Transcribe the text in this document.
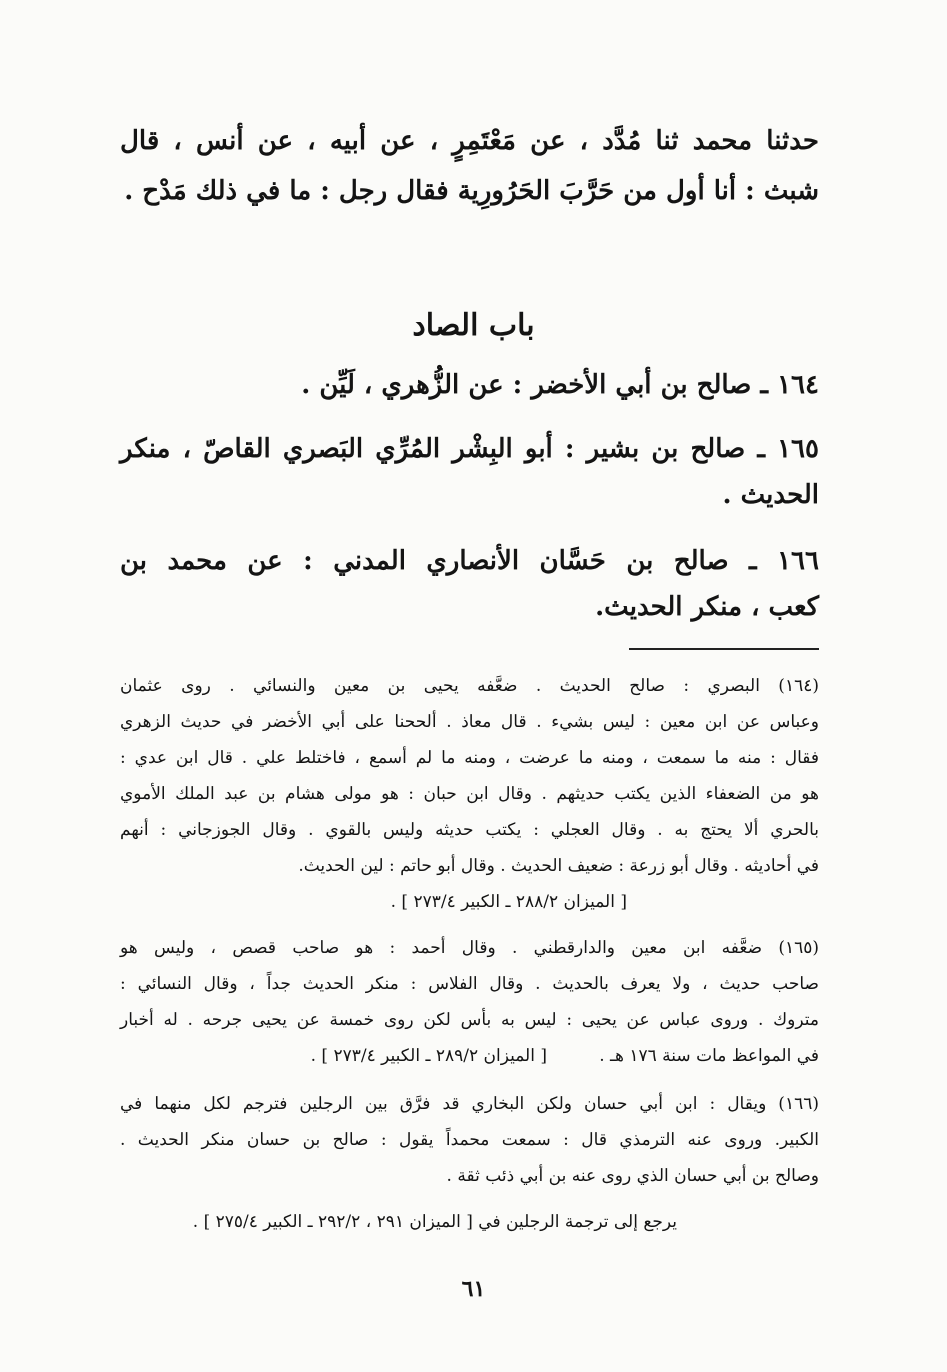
حدثنا محمد ثنا مُدَّد ، عن مَعْتَمِرٍ ، عن أبيه ، عن أنس ، قال
شبث : أنا أول من حَرَّبَ الحَرُورِية فقال رجل : ما في ذلك مَدْح .
باب الصاد
١٦٤ ـ صالح بن أبي الأخضر : عن الزُّهري ، لَيِّن .
١٦٥ ـ صالح بن بشير : أبو البِشْر المُرِّي البَصري القاصّ ، منكر
الحديث .
١٦٦ ـ صالح بن حَسَّان الأنصاري المدني : عن محمد بن
كعب ، منكر الحديث.
(١٦٤) البصري : صالح الحديث . ضعَّفه يحيى بن معين والنسائي . روى عثمان
وعباس عن ابن معين : ليس بشيء . قال معاذ . ألححنا على أبي الأخضر في حديث الزهري
فقال : منه ما سمعت ، ومنه ما عرضت ، ومنه ما لم أسمع ، فاختلط علي . قال ابن عدي :
هو من الضعفاء الذين يكتب حديثهم . وقال ابن حبان : هو مولى هشام بن عبد الملك الأموي
بالحري ألا يحتج به . وقال العجلي : يكتب حديثه وليس بالقوي . وقال الجوزجاني : أنهم
في أحاديثه . وقال أبو زرعة : ضعيف الحديث . وقال أبو حاتم : لين الحديث.
[ الميزان ٢٨٨/٢ ـ الكبير ٢٧٣/٤ ] .
(١٦٥) ضعَّفه ابن معين والدارقطني . وقال أحمد : هو صاحب قصص ، وليس هو
صاحب حديث ، ولا يعرف بالحديث . وقال الفلاس : منكر الحديث جداً ، وقال النسائي :
متروك . وروى عباس عن يحيى : ليس به بأس لكن روى خمسة عن يحيى جرحه . له أخبار
في المواعظ مات سنة ١٧٦ هـ .
[ الميزان ٢٨٩/٢ ـ الكبير ٢٧٣/٤ ] .
(١٦٦) ويقال : ابن أبي حسان ولكن البخاري قد فرَّق بين الرجلين فترجم لكل منهما في
الكبير. وروى عنه الترمذي قال : سمعت محمداً يقول : صالح بن حسان منكر الحديث .
وصالح بن أبي حسان الذي روى عنه بن أبي ذئب ثقة .
يرجع إلى ترجمة الرجلين في [ الميزان ٢٩١ ، ٢٩٢/٢ ـ الكبير ٢٧٥/٤ ] .
٦١
